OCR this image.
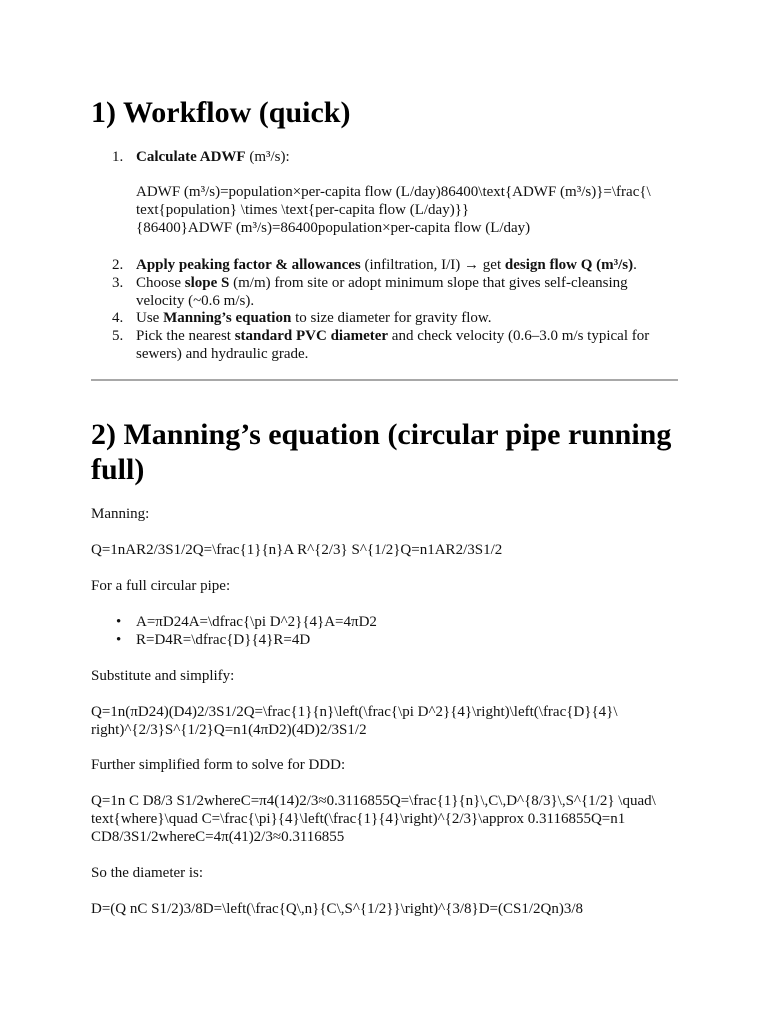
1) Workflow (quick)
1. Calculate ADWF (m³/s):
ADWF (m³/s)=population×per-capita flow (L/day)86400\text{ADWF (m³/s)}=\frac{\
text{population} \times \text{per-capita flow (L/day)}}
{86400}ADWF (m³/s)=86400population×per-capita flow (L/day)
2. Apply peaking factor & allowances (infiltration, I/I) → get design flow Q (m³/s).
3. Choose slope S (m/m) from site or adopt minimum slope that gives self-cleansing
velocity (~0.6 m/s).
4. Use Manning’s equation to size diameter for gravity flow.
5. Pick the nearest standard PVC diameter and check velocity (0.6–3.0 m/s typical for
sewers) and hydraulic grade.
2) Manning’s equation (circular pipe running
full)

Manning:

Q=1nAR2/3S1/2Q=\frac{1}{n}A R^{2/3} S^{1/2}Q=n1AR2/3S1/2

For a full circular pipe:

• A=πD24A=\dfrac{\pi D^2}{4}A=4πD2
• R=D4R=\dfrac{D}{4}R=4D

Substitute and simplify:

Q=1n(πD24)(D4)2/3S1/2Q=\frac{1}{n}\left(\frac{\pi D^2}{4}\right)\left(\frac{D}{4}\

right)^{2/3}S^{1/2}Q=n1(4πD2)(4D)2/3S1/2

Further simplified form to solve for DDD:

Q=1n C D8/3 S1/2whereC=π4(14)2/3≈0.3116855Q=\frac{1}{n}\,C\,D^{8/3}\,S^{1/2} \quad\

text{where}\quad C=\frac{\pi}{4}\left(\frac{1}{4}\right)^{2/3}\approx 0.3116855Q=n1

CD8/3S1/2whereC=4π(41)2/3≈0.3116855

So the diameter is:

D=(Q nC S1/2)3/8D=\left(\frac{Q\,n}{C\,S^{1/2}}\right)^{3/8}D=(CS1/2Qn)3/8
